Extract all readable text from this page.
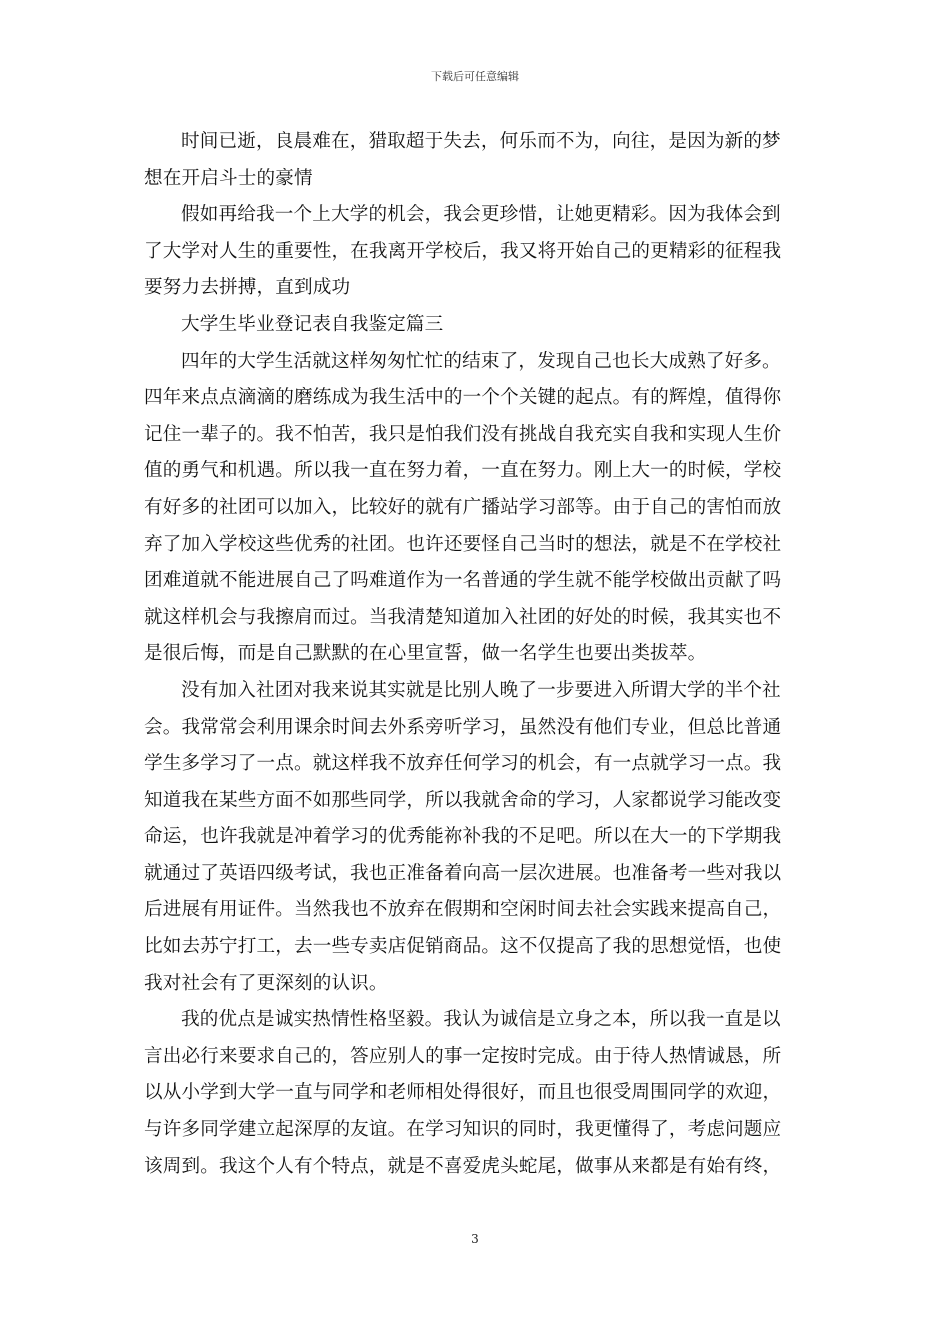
下载后可任意编辑
时间已逝，良晨难在，猎取超于失去，何乐而不为，向往，是因为新的梦
想在开启斗士的豪情
假如再给我一个上大学的机会，我会更珍惜，让她更精彩。因为我体会到
了大学对人生的重要性，在我离开学校后，我又将开始自己的更精彩的征程我
要努力去拼搏，直到成功
大学生毕业登记表自我鉴定篇三
四年的大学生活就这样匆匆忙忙的结束了，发现自己也长大成熟了好多。
四年来点点滴滴的磨练成为我生活中的一个个关键的起点。有的辉煌，值得你
记住一辈子的。我不怕苦，我只是怕我们没有挑战自我充实自我和实现人生价
值的勇气和机遇。所以我一直在努力着，一直在努力。刚上大一的时候，学校
有好多的社团可以加入，比较好的就有广播站学习部等。由于自己的害怕而放
弃了加入学校这些优秀的社团。也许还要怪自己当时的想法，就是不在学校社
团难道就不能进展自己了吗难道作为一名普通的学生就不能学校做出贡献了吗
就这样机会与我擦肩而过。当我清楚知道加入社团的好处的时候，我其实也不
是很后悔，而是自己默默的在心里宣誓，做一名学生也要出类拔萃。
没有加入社团对我来说其实就是比别人晚了一步要进入所谓大学的半个社
会。我常常会利用课余时间去外系旁听学习，虽然没有他们专业，但总比普通
学生多学习了一点。就这样我不放弃任何学习的机会，有一点就学习一点。我
知道我在某些方面不如那些同学，所以我就舍命的学习，人家都说学习能改变
命运，也许我就是冲着学习的优秀能祢补我的不足吧。所以在大一的下学期我
就通过了英语四级考试，我也正准备着向高一层次进展。也准备考一些对我以
后进展有用证件。当然我也不放弃在假期和空闲时间去社会实践来提高自己，
比如去苏宁打工，去一些专卖店促销商品。这不仅提高了我的思想觉悟，也使
我对社会有了更深刻的认识。
我的优点是诚实热情性格坚毅。我认为诚信是立身之本，所以我一直是以
言出必行来要求自己的，答应别人的事一定按时完成。由于待人热情诚恳，所
以从小学到大学一直与同学和老师相处得很好，而且也很受周围同学的欢迎，
与许多同学建立起深厚的友谊。在学习知识的同时，我更懂得了，考虑问题应
该周到。我这个人有个特点，就是不喜爱虎头蛇尾，做事从来都是有始有终，
3
